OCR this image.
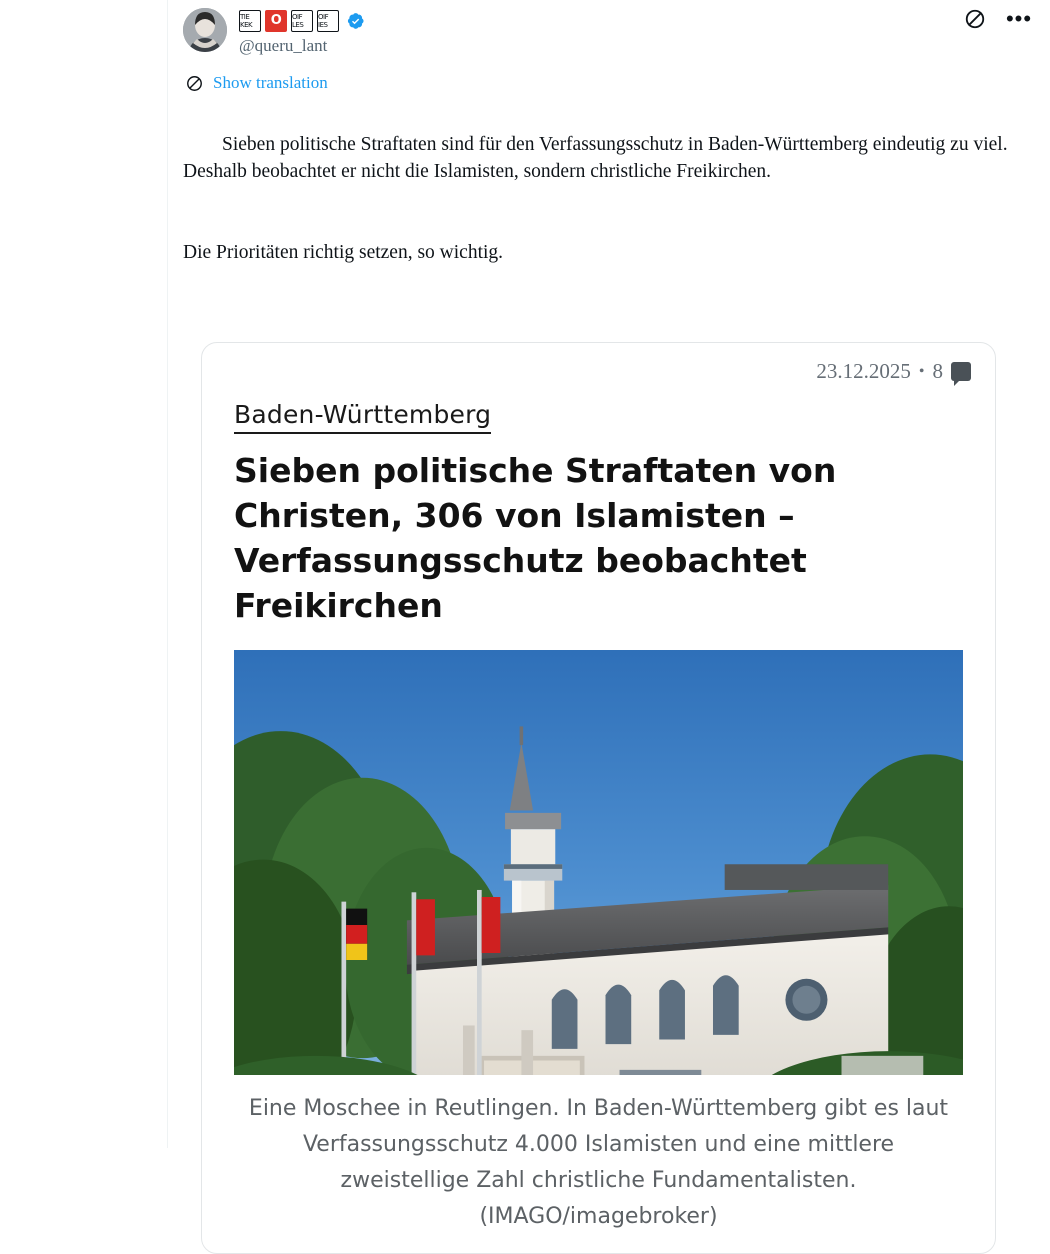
TIE KEK	O	OIF LES
OIF IES
@queru_lant
•••
Show translation

Sieben politische Straftaten sind für den Verfassungsschutz in Baden-Württemberg eindeutig zu viel. Deshalb beobachtet er nicht die Islamisten, sondern christliche Freikirchen.

Die Prioritäten richtig setzen, so wichtig.

23.12.2025 • 8
Baden-Württemberg
Sieben politische Straftaten von Christen, 306 von Islamisten – Verfassungsschutz beobachtet Freikirchen
Eine Moschee in Reutlingen. In Baden-Württemberg gibt es laut Verfassungsschutz 4.000 Islamisten und eine mittlere zweistellige Zahl christliche Fundamentalisten. (IMAGO/imagebroker)
